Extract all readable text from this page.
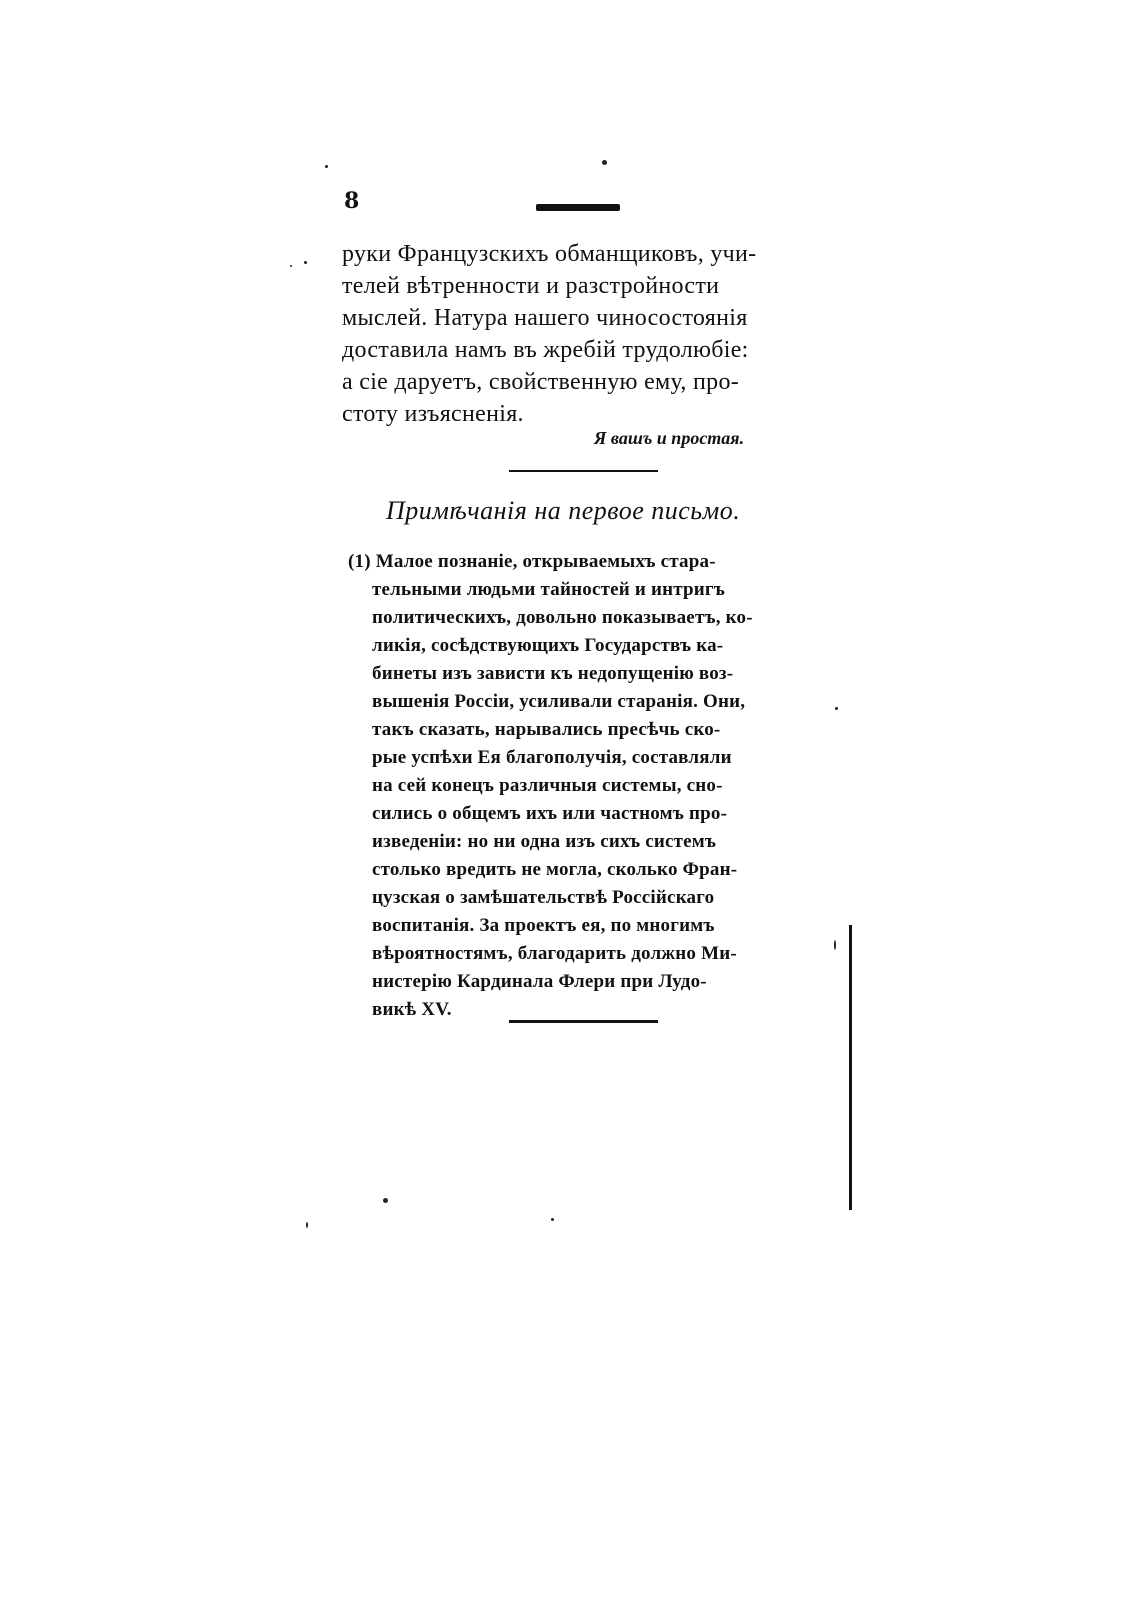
8
руки Французскихъ обманщиковъ, учи-
телей вѣтренности и разстройности
мыслей. Натура нашего чиносостоянія
доставила намъ въ жребій трудолюбіе:
а сіе даруетъ, свойственную ему, про-
стоту изъясненія.
Я вашъ и простая.
Примѣчанія на первое письмо.
(1) Малое познаніе, открываемыхъ стара-
тельными людьми тайностей и интригъ
политическихъ, довольно показываетъ, ко-
ликія, сосѣдствующихъ Государствъ ка-
бинеты изъ зависти къ недопущенію воз-
вышенія Россіи, усиливали старанія. Они,
такъ сказать, нарывались пресѣчь ско-
рые успѣхи Ея благополучія, составляли
на сей конецъ различныя системы, сно-
сились о общемъ ихъ или частномъ про-
изведеніи: но ни одна изъ сихъ системъ
столько вредить не могла, сколько Фран-
цузская о замѣшательствѣ Россійскаго
воспитанія. За проектъ ея, по многимъ
вѣроятностямъ, благодарить должно Ми-
нистерію Кардинала Флери при Лудо-
викѣ XV.
